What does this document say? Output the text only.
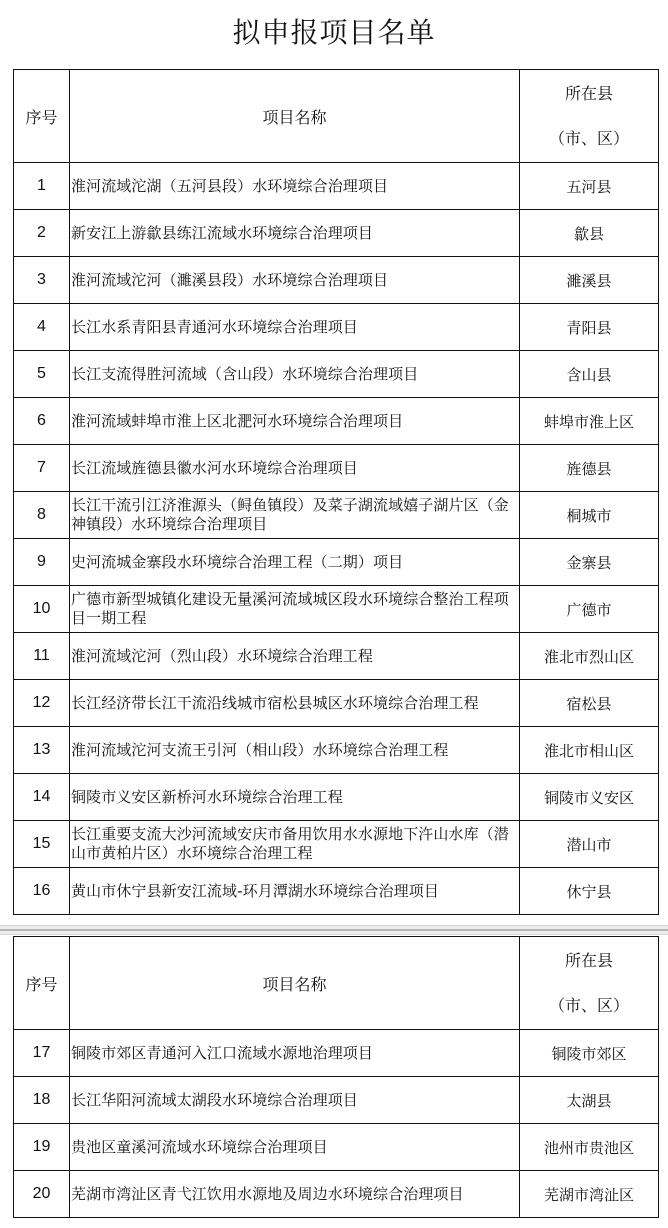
拟申报项目名单
序号	项目名称	所在县
（市、区）

1	淮河流域沱湖（五河县段）水环境综合治理项目	五河县
2	新安江上游歙县练江流域水环境综合治理项目	歙县
3	淮河流域沱河（濉溪县段）水环境综合治理项目	濉溪县
4	长江水系青阳县青通河水环境综合治理项目	青阳县
5	长江支流得胜河流域（含山段）水环境综合治理项目	含山县
6	淮河流域蚌埠市淮上区北淝河水环境综合治理项目	蚌埠市淮上区
7	长江流域旌德县徽水河水环境综合治理项目	旌德县
8	长江干流引江济淮源头（鲟鱼镇段）及菜子湖流域嬉子湖片区（金神镇段）水环境综合治理项目	桐城市
9	史河流城金寨段水环境综合治理工程（二期）项目	金寨县
10	广德市新型城镇化建设无量溪河流域城区段水环境综合整治工程项目一期工程	广德市
11	淮河流域沱河（烈山段）水环境综合治理工程	淮北市烈山区
12	长江经济带长江干流沿线城市宿松县城区水环境综合治理工程	宿松县
13	淮河流域沱河支流王引河（相山段）水环境综合治理工程	淮北市相山区
14	铜陵市义安区新桥河水环境综合治理工程	铜陵市义安区
15	长江重要支流大沙河流域安庆市备用饮用水水源地下汻山水库（潜山市黄柏片区）水环境综合治理工程	潜山市
16	黄山市休宁县新安江流域-环月潭湖水环境综合治理项目	休宁县
序号	项目名称	所在县
（市、区）

17	铜陵市郊区青通河入江口流域水源地治理项目	铜陵市郊区
18	长江华阳河流域太湖段水环境综合治理项目	太湖县
19	贵池区童溪河流域水环境综合治理项目	池州市贵池区
20	芜湖市湾沚区青弋江饮用水源地及周边水环境综合治理项目	芜湖市湾沚区
